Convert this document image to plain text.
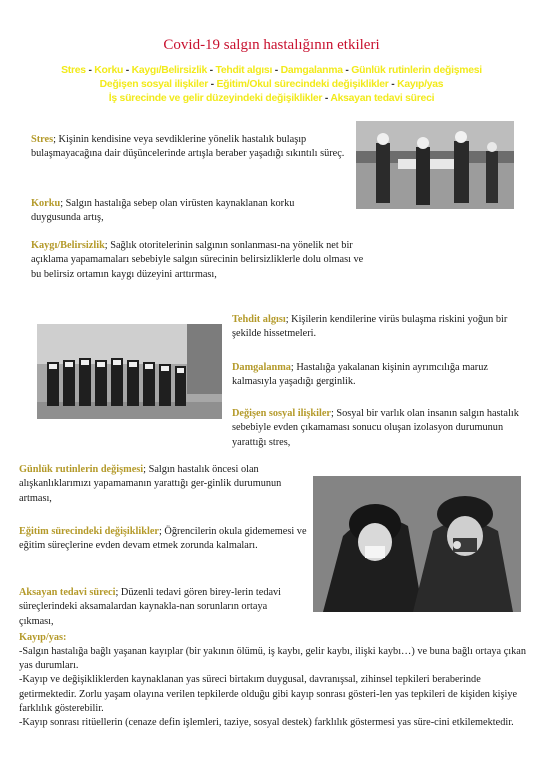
Covid-19 salgın hastalığının etkileri
Stres - Korku - Kaygı/Belirsizlik - Tehdit algısı - Damgalanma - Günlük rutinlerin değişmesi
Değişen sosyal ilişkiler - Eğitim/Okul sürecindeki değişiklikler - Kayıp/yas
İş sürecinde ve gelir düzeyindeki değişiklikler - Aksayan tedavi süreci
Stres; Kişinin kendisine veya sevdiklerine yönelik hastalık bulaşıp bulaşmayacağına dair düşüncelerinde artışla beraber yaşadığı sıkıntılı süreç.
Korku; Salgın hastalığa sebep olan virüsten kaynaklanan korku duygusunda artış,
Kaygı/Belirsizlik; Sağlık otoritelerinin salgının sonlanması-na yönelik net bir açıklama yapamamaları sebebiyle salgın sürecinin belirsizliklerle dolu olması ve bu belirsiz ortamın kaygı düzeyini arttırması,
Tehdit algısı; Kişilerin kendilerine virüs bulaşma riskini yoğun bir şekilde hissetmeleri.
Damgalanma; Hastalığa yakalanan kişinin ayrımcılığa maruz kalmasıyla yaşadığı gerginlik.
Değişen sosyal ilişkiler; Sosyal bir varlık olan insanın salgın hastalık sebebiyle evden çıkamaması sonucu oluşan izolasyon durumunun yarattığı stres,
Günlük rutinlerin değişmesi; Salgın hastalık öncesi olan alışkanlıklarımızı yapamamanın yarattığı ger-ginlik durumunun artması,
Eğitim sürecindeki değişiklikler; Öğrencilerin okula gidememesi ve eğitim süreçlerine evden devam etmek zorunda kalmaları.
Aksayan tedavi süreci; Düzenli tedavi gören birey-lerin tedavi süreçlerindeki aksamalardan kaynakla-nan sorunların ortaya çıkması,
Kayıp/yas:
-Salgın hastalığa bağlı yaşanan kayıplar (bir yakının ölümü, iş kaybı, gelir kaybı, ilişki kaybı…) ve buna bağlı ortaya çıkan yas durumları.
-Kayıp ve değişikliklerden kaynaklanan yas süreci birtakım duygusal, davranışsal, zihinsel tepkileri beraberinde getirmektedir. Zorlu yaşam olayına verilen tepkilerde olduğu gibi kayıp sonrası gösteri-len yas tepkileri de kişiden kişiye farklılık gösterebilir.
-Kayıp sonrası ritüellerin (cenaze defin işlemleri, taziye, sosyal destek) farklılık göstermesi yas süre-cini etkilemektedir.
